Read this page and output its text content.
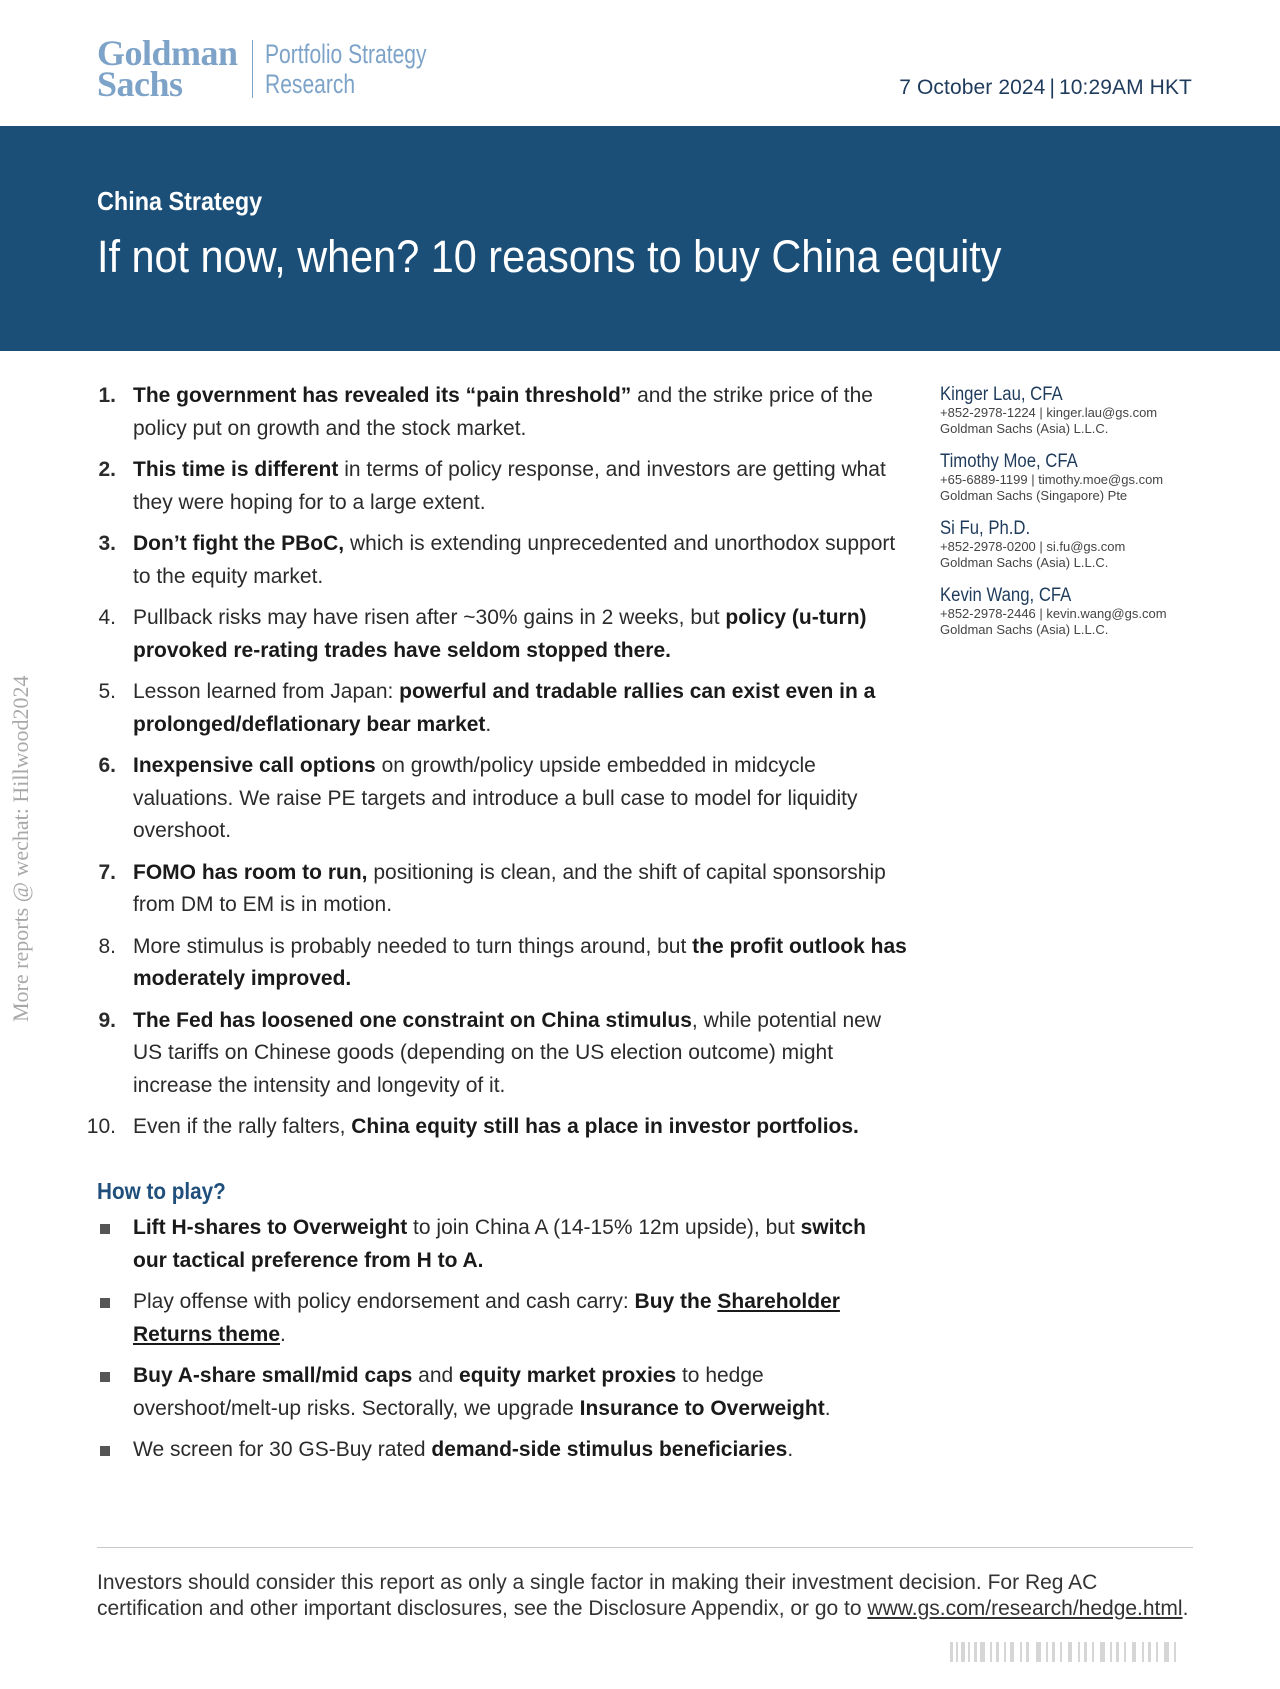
Goldman
Sachs
Portfolio Strategy
Research	7 October 2024 | 10:29AM HKT
China Strategy
If not now, when? 10 reasons to buy China equity
More reports @ wechat: Hillwood2024
1. The government has revealed its “pain threshold” and the strike price of the policy put on growth and the stock market.
2. This time is different in terms of policy response, and investors are getting what they were hoping for to a large extent.
3. Don’t fight the PBoC, which is extending unprecedented and unorthodox support to the equity market.
4. Pullback risks may have risen after ~30% gains in 2 weeks, but policy (u-turn) provoked re-rating trades have seldom stopped there.
5. Lesson learned from Japan: powerful and tradable rallies can exist even in a prolonged/deflationary bear market.
6. Inexpensive call options on growth/policy upside embedded in midcycle valuations. We raise PE targets and introduce a bull case to model for liquidity overshoot.
7. FOMO has room to run, positioning is clean, and the shift of capital sponsorship from DM to EM is in motion.
8. More stimulus is probably needed to turn things around, but the profit outlook has moderately improved.
9. The Fed has loosened one constraint on China stimulus, while potential new US tariffs on Chinese goods (depending on the US election outcome) might increase the intensity and longevity of it.
10. Even if the rally falters, China equity still has a place in investor portfolios.
Kinger Lau, CFA
+852-2978-1224 | kinger.lau@gs.com
Goldman Sachs (Asia) L.L.C.
Timothy Moe, CFA
+65-6889-1199 | timothy.moe@gs.com
Goldman Sachs (Singapore) Pte
Si Fu, Ph.D.
+852-2978-0200 | si.fu@gs.com
Goldman Sachs (Asia) L.L.C.
Kevin Wang, CFA
+852-2978-2446 | kevin.wang@gs.com
Goldman Sachs (Asia) L.L.C.
How to play?
Lift H-shares to Overweight to join China A (14-15% 12m upside), but switch our tactical preference from H to A.
Play offense with policy endorsement and cash carry: Buy the Shareholder Returns theme.
Buy A-share small/mid caps and equity market proxies to hedge overshoot/melt-up risks. Sectorally, we upgrade Insurance to Overweight.
We screen for 30 GS-Buy rated demand-side stimulus beneficiaries.
Investors should consider this report as only a single factor in making their investment decision. For Reg AC certification and other important disclosures, see the Disclosure Appendix, or go to www.gs.com/research/hedge.html.
